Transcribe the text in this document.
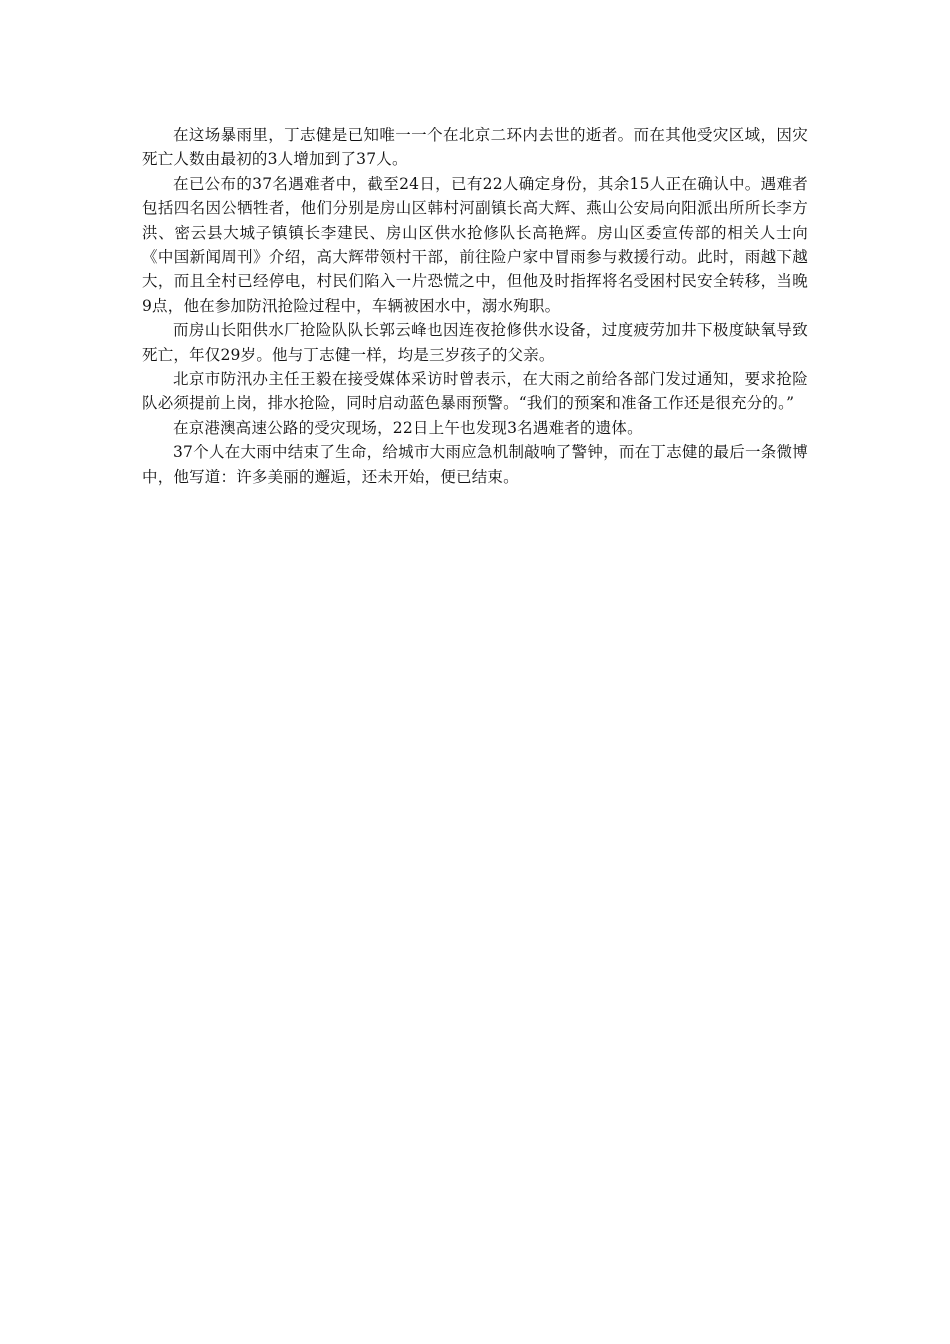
在这场暴雨里，丁志健是已知唯一一个在北京二环内去世的逝者。而在其他受灾区域，因灾死亡人数由最初的3人增加到了37人。

在已公布的37名遇难者中，截至24日，已有22人确定身份，其余15人正在确认中。遇难者包括四名因公牺牲者，他们分别是房山区韩村河副镇长高大辉、燕山公安局向阳派出所所长李方洪、密云县大城子镇镇长李建民、房山区供水抢修队长高艳辉。房山区委宣传部的相关人士向《中国新闻周刊》介绍，高大辉带领村干部，前往险户家中冒雨参与救援行动。此时，雨越下越大，而且全村已经停电，村民们陷入一片恐慌之中，但他及时指挥将名受困村民安全转移，当晚9点，他在参加防汛抢险过程中，车辆被困水中，溺水殉职。

而房山长阳供水厂抢险队队长郭云峰也因连夜抢修供水设备，过度疲劳加井下极度缺氧导致死亡，年仅29岁。他与丁志健一样，均是三岁孩子的父亲。

北京市防汛办主任王毅在接受媒体采访时曾表示，在大雨之前给各部门发过通知，要求抢险队必须提前上岗，排水抢险，同时启动蓝色暴雨预警。“我们的预案和准备工作还是很充分的。”

在京港澳高速公路的受灾现场，22日上午也发现3名遇难者的遗体。

37个人在大雨中结束了生命，给城市大雨应急机制敲响了警钟，而在丁志健的最后一条微博中，他写道：许多美丽的邂逅，还未开始，便已结束。
